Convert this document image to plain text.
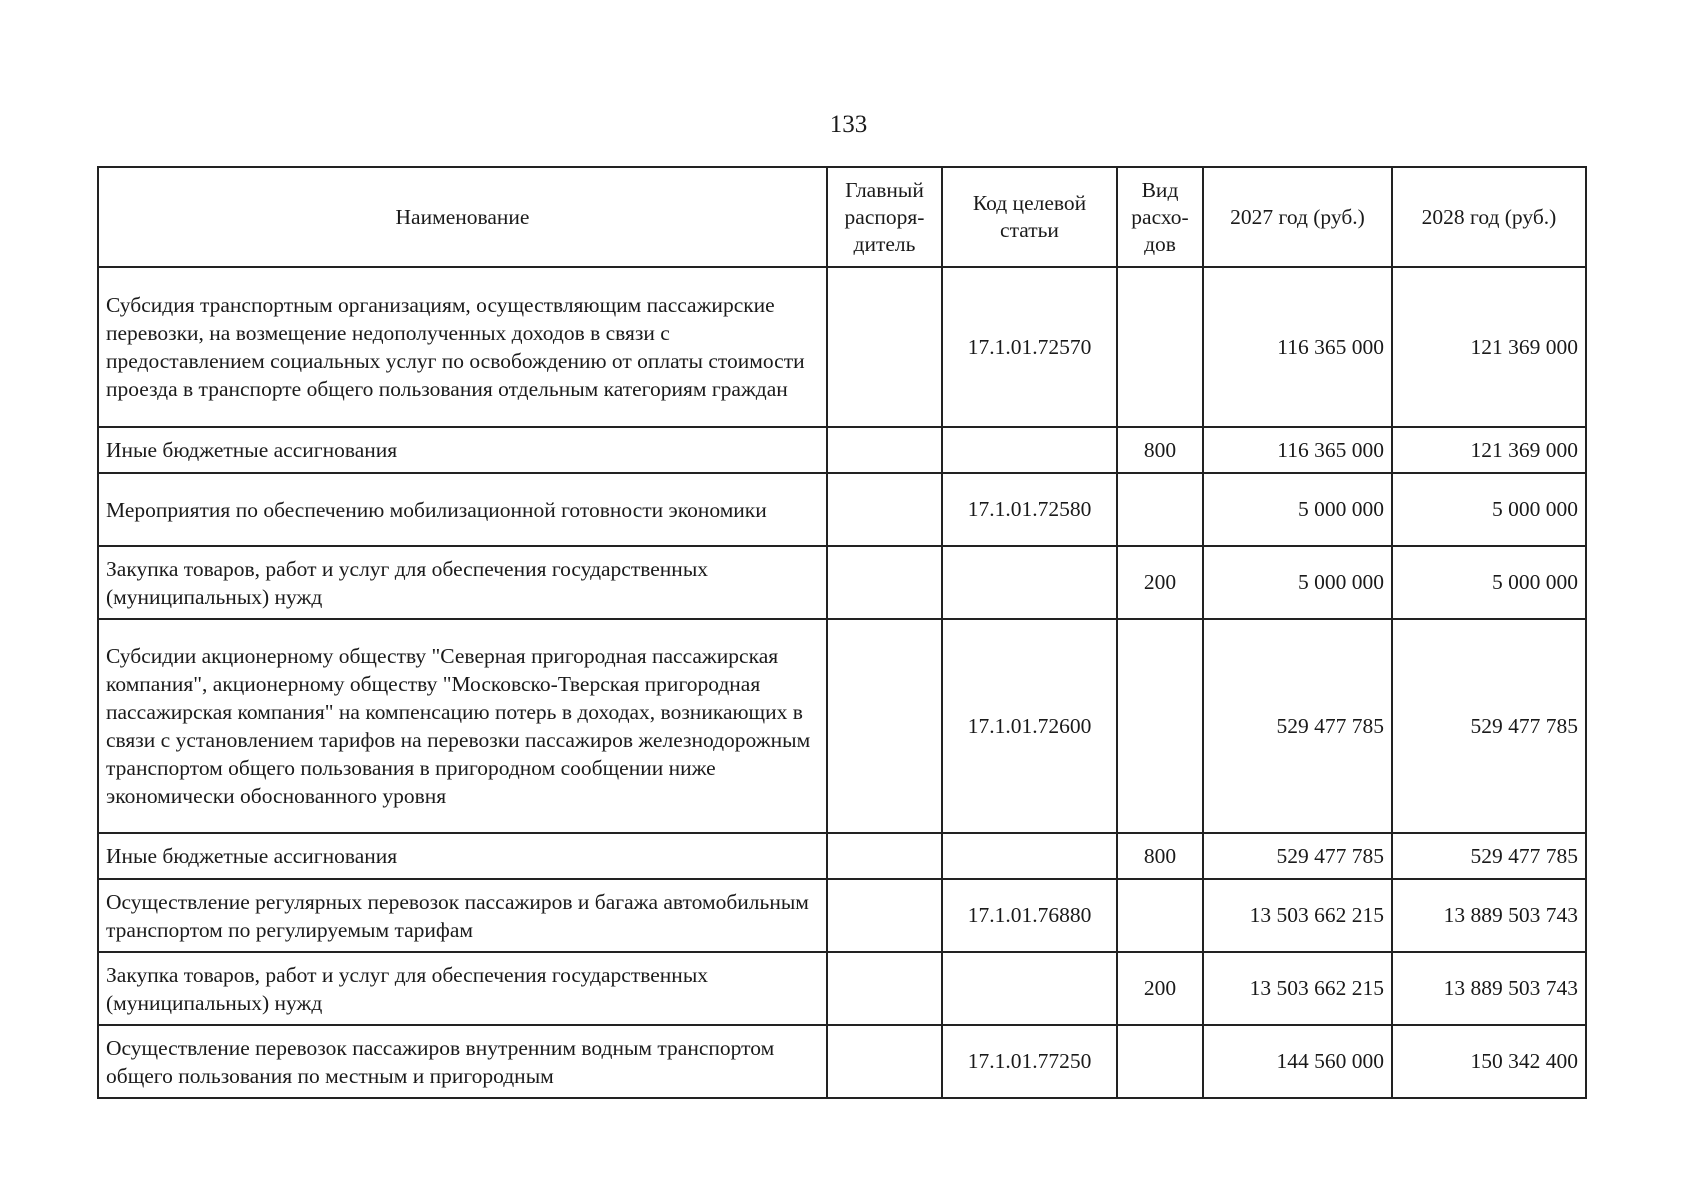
133
Наименование	Главный распоря-дитель	Код целевой статьи	Вид расхо-дов	2027 год (руб.)	2028 год (руб.)
Субсидия транспортным организациям, осуществляющим пассажирские перевозки, на возмещение недополученных доходов в связи с предоставлением социальных услуг по освобождению от оплаты стоимости проезда в транспорте общего пользования отдельным категориям граждан		17.1.01.72570		116 365 000	121 369 000
Иные бюджетные ассигнования			800	116 365 000	121 369 000
Мероприятия по обеспечению мобилизационной готовности экономики		17.1.01.72580		5 000 000	5 000 000
Закупка товаров, работ и услуг для обеспечения государственных (муниципальных) нужд			200	5 000 000	5 000 000
Субсидии акционерному обществу "Северная пригородная пассажирская компания", акционерному обществу "Московско-Тверская пригородная пассажирская компания" на компенсацию потерь в доходах, возникающих в связи с установлением тарифов на перевозки пассажиров железнодорожным транспортом общего пользования в пригородном сообщении ниже экономически обоснованного уровня		17.1.01.72600		529 477 785	529 477 785
Иные бюджетные ассигнования			800	529 477 785	529 477 785
Осуществление регулярных перевозок пассажиров и багажа автомобильным транспортом по регулируемым тарифам		17.1.01.76880		13 503 662 215	13 889 503 743
Закупка товаров, работ и услуг для обеспечения государственных (муниципальных) нужд			200	13 503 662 215	13 889 503 743
Осуществление перевозок пассажиров внутренним водным транспортом общего пользования по местным и пригородным		17.1.01.77250		144 560 000	150 342 400
